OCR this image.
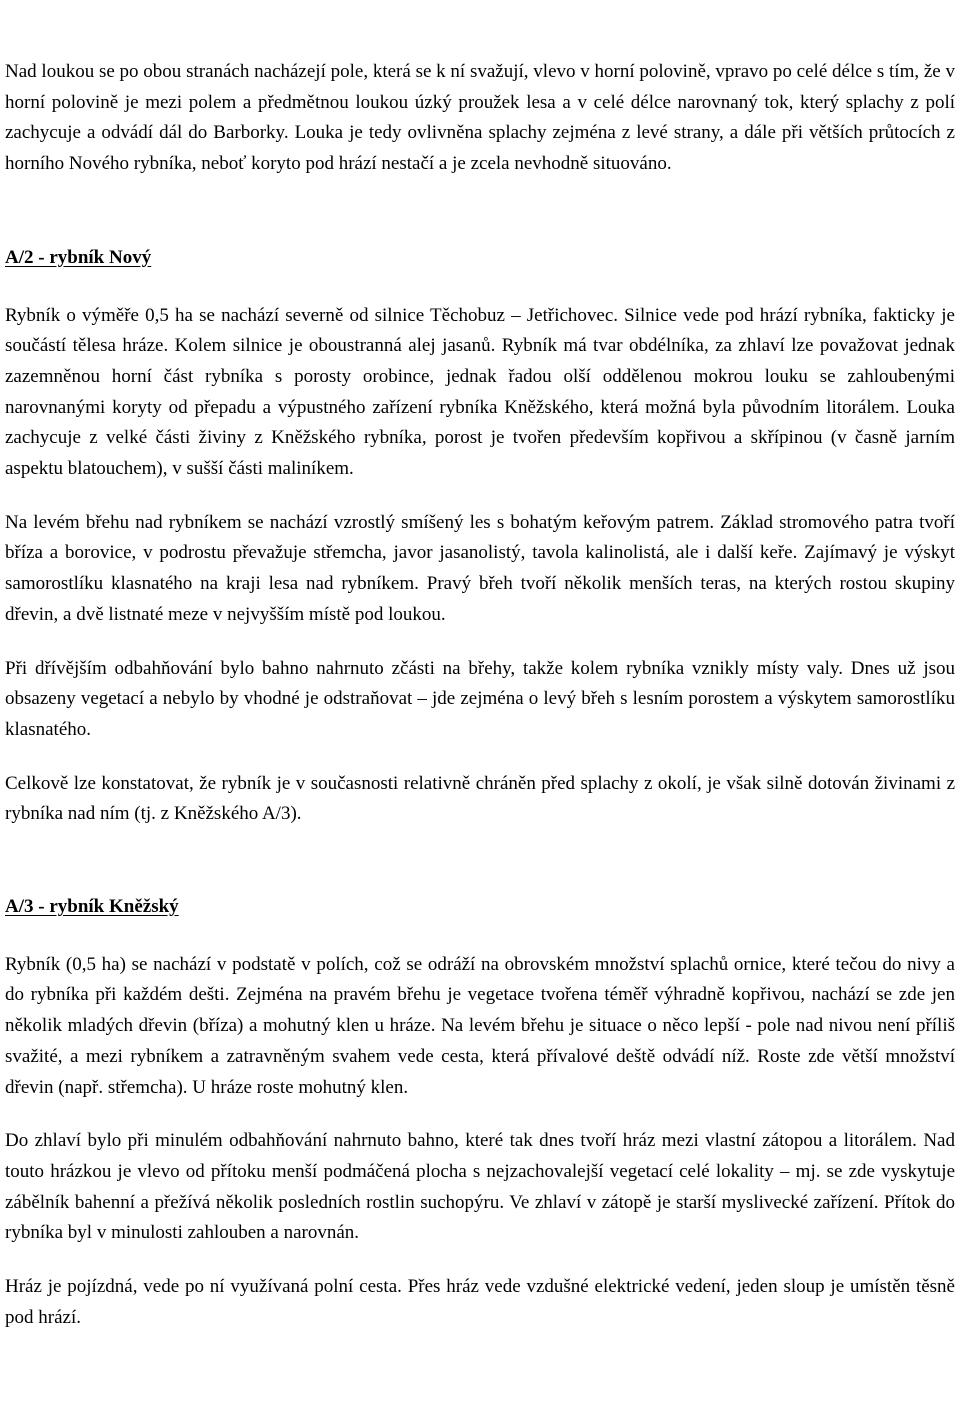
Nad loukou se po obou stranách nacházejí pole, která se k ní svažují, vlevo v horní polovině, vpravo po celé délce s tím, že v horní polovině je mezi polem a předmětnou loukou úzký proužek lesa a v celé délce narovnaný tok, který splachy z polí zachycuje a odvádí dál do Barborky. Louka je tedy ovlivněna splachy zejména z levé strany, a dále při větších průtocích z horního Nového rybníka, neboť koryto pod hrází nestačí a je zcela nevhodně situováno.

A/2 - rybník Nový

Rybník o výměře 0,5 ha se nachází severně od silnice Těchobuz – Jetřichovec. Silnice vede pod hrází rybníka, fakticky je součástí tělesa hráze. Kolem silnice je oboustranná alej jasanů. Rybník má tvar obdélníka, za zhlaví lze považovat jednak zazemněnou horní část rybníka s porosty orobince, jednak řadou olší oddělenou mokrou louku se zahloubenými narovnanými koryty od přepadu a výpustného zařízení rybníka Kněžského, která možná byla původním litorálem. Louka zachycuje z velké části živiny z Kněžského rybníka, porost je tvořen především kopřivou a skřípinou (v časně jarním aspektu blatouchem), v sušší části maliníkem.

Na levém břehu nad rybníkem se nachází vzrostlý smíšený les s bohatým keřovým patrem. Základ stromového patra tvoří bříza a borovice, v podrostu převažuje střemcha, javor jasanolistý, tavola kalinolistá, ale i další keře. Zajímavý je výskyt samorostlíku klasnatého na kraji lesa nad rybníkem. Pravý břeh tvoří několik menších teras, na kterých rostou skupiny dřevin, a dvě listnaté meze v nejvyšším místě pod loukou.

Při dřívějším odbahňování bylo bahno nahrnuto zčásti na břehy, takže kolem rybníka vznikly místy valy. Dnes už jsou obsazeny vegetací a nebylo by vhodné je odstraňovat – jde zejména o levý břeh s lesním porostem a výskytem samorostlíku klasnatého.

Celkově lze konstatovat, že rybník je v současnosti relativně chráněn před splachy z okolí, je však silně dotován živinami z rybníka nad ním (tj. z Kněžského A/3).

A/3 - rybník Kněžský

Rybník (0,5 ha) se nachází v podstatě v polích, což se odráží na obrovském množství splachů ornice, které tečou do nivy a do rybníka při každém dešti. Zejména na pravém břehu je vegetace tvořena téměř výhradně kopřivou, nachází se zde jen několik mladých dřevin (bříza) a mohutný klen u hráze. Na levém břehu je situace o něco lepší - pole nad nivou není příliš svažité, a mezi rybníkem a zatravněným svahem vede cesta, která přívalové deště odvádí níž. Roste zde větší množství dřevin (např. střemcha). U hráze roste mohutný klen.

Do zhlaví bylo při minulém odbahňování nahrnuto bahno, které tak dnes tvoří hráz mezi vlastní zátopou a litorálem. Nad touto hrázkou je vlevo od přítoku menší podmáčená plocha s nejzachovalejší vegetací celé lokality – mj. se zde vyskytuje zábělník bahenní a přežívá několik posledních rostlin suchopýru. Ve zhlaví v zátopě je starší myslivecké zařízení. Přítok do rybníka byl v minulosti zahlouben a narovnán.

Hráz je pojízdná, vede po ní využívaná polní cesta. Přes hráz vede vzdušné elektrické vedení, jeden sloup je umístěn těsně pod hrází.
